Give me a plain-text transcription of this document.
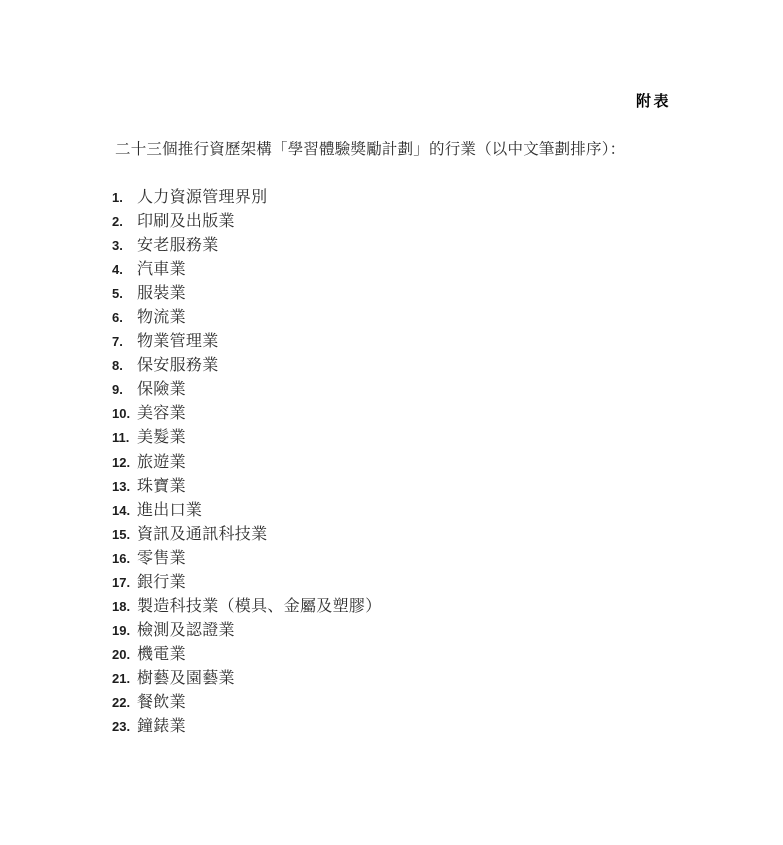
附表
二十三個推行資歷架構「學習體驗獎勵計劃」的行業（以中文筆劃排序）：
1. 人力資源管理界別
2. 印刷及出版業
3. 安老服務業
4. 汽車業
5. 服裝業
6. 物流業
7. 物業管理業
8. 保安服務業
9. 保險業
10. 美容業
11. 美髮業
12. 旅遊業
13. 珠寶業
14. 進出口業
15. 資訊及通訊科技業
16. 零售業
17. 銀行業
18. 製造科技業（模具、金屬及塑膠）
19. 檢測及認證業
20. 機電業
21. 樹藝及園藝業
22. 餐飲業
23. 鐘錶業
